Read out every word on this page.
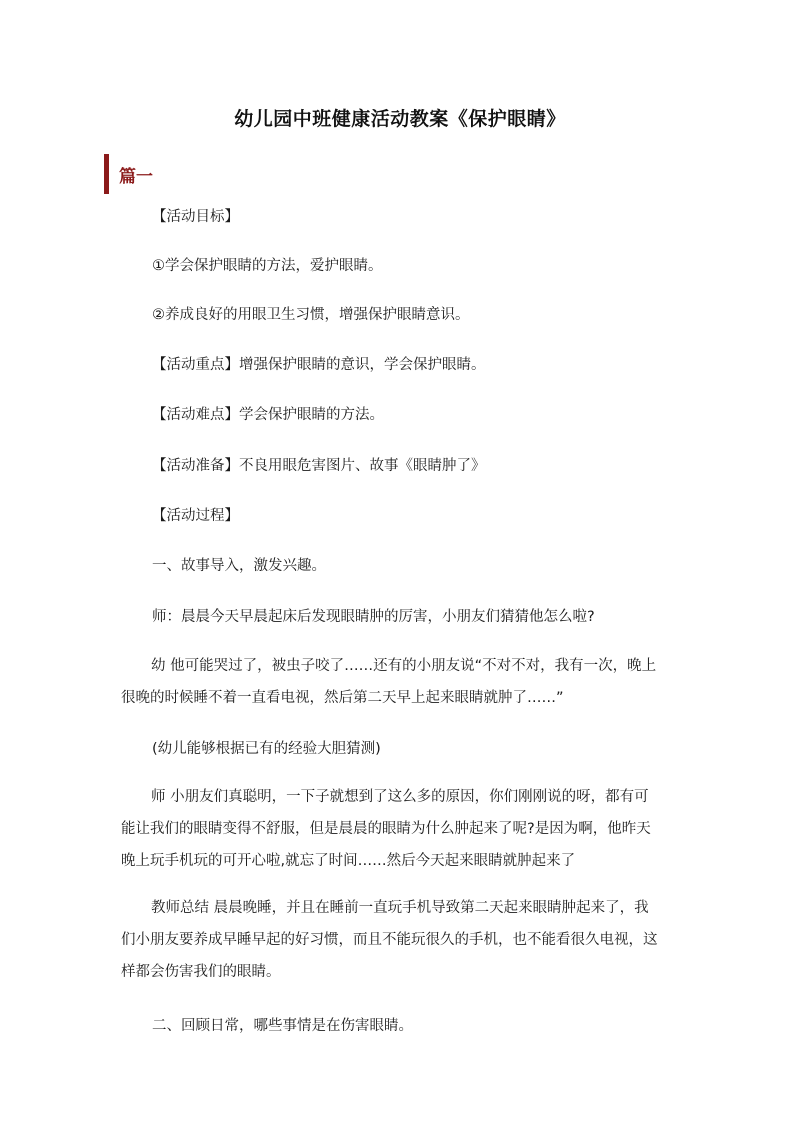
幼儿园中班健康活动教案《保护眼睛》
篇一
【活动目标】
①学会保护眼睛的方法，爱护眼睛。
②养成良好的用眼卫生习惯，增强保护眼睛意识。
【活动重点】增强保护眼睛的意识，学会保护眼睛。
【活动难点】学会保护眼睛的方法。
【活动准备】不良用眼危害图片、故事《眼睛肿了》
【活动过程】
一、故事导入，激发兴趣。
师：晨晨今天早晨起床后发现眼睛肿的厉害，小朋友们猜猜他怎么啦?
幼 他可能哭过了，被虫子咬了……还有的小朋友说“不对不对，我有一次，晚上很晚的时候睡不着一直看电视，然后第二天早上起来眼睛就肿了……”
(幼儿能够根据已有的经验大胆猜测)
师 小朋友们真聪明，一下子就想到了这么多的原因，你们刚刚说的呀，都有可能让我们的眼睛变得不舒服，但是晨晨的眼睛为什么肿起来了呢?是因为啊，他昨天晚上玩手机玩的可开心啦,就忘了时间……然后今天起来眼睛就肿起来了
教师总结 晨晨晚睡，并且在睡前一直玩手机导致第二天起来眼睛肿起来了，我们小朋友要养成早睡早起的好习惯，而且不能玩很久的手机，也不能看很久电视，这样都会伤害我们的眼睛。
二、回顾日常，哪些事情是在伤害眼睛。
